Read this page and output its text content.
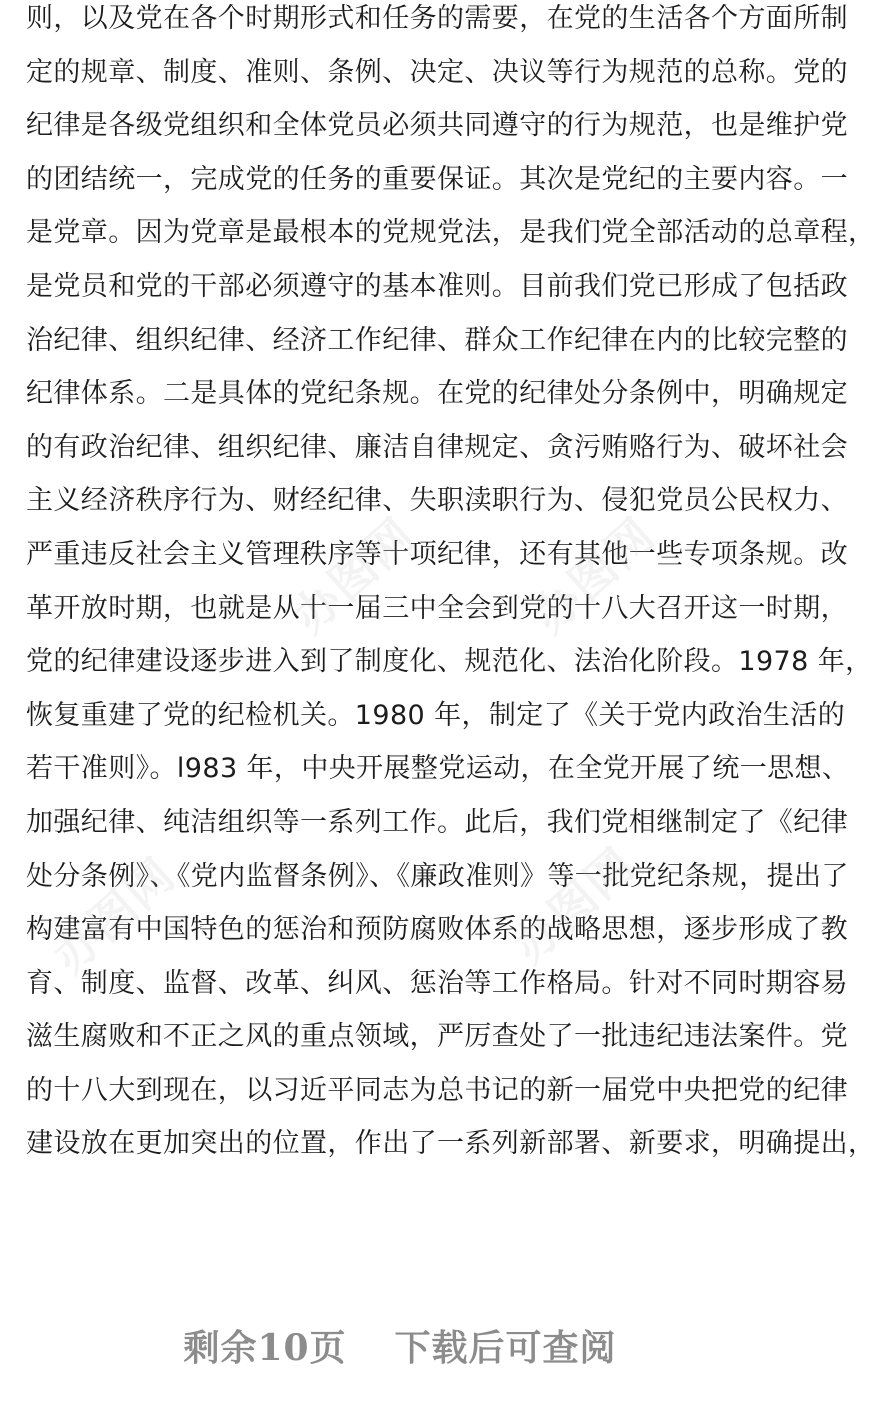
则，以及党在各个时期形式和任务的需要，在党的生活各个方面所制
定的规章、制度、准则、条例、决定、决议等行为规范的总称。党的
纪律是各级党组织和全体党员必须共同遵守的行为规范，也是维护党
的团结统一，完成党的任务的重要保证。其次是党纪的主要内容。一
是党章。因为党章是最根本的党规党法，是我们党全部活动的总章程，
是党员和党的干部必须遵守的基本准则。目前我们党已形成了包括政
治纪律、组织纪律、经济工作纪律、群众工作纪律在内的比较完整的
纪律体系。二是具体的党纪条规。在党的纪律处分条例中，明确规定
的有政治纪律、组织纪律、廉洁自律规定、贪污贿赂行为、破坏社会
主义经济秩序行为、财经纪律、失职渎职行为、侵犯党员公民权力、
严重违反社会主义管理秩序等十项纪律，还有其他一些专项条规。改
革开放时期，也就是从十一届三中全会到党的十八大召开这一时期，
党的纪律建设逐步进入到了制度化、规范化、法治化阶段。1978 年，
恢复重建了党的纪检机关。1980 年，制定了《关于党内政治生活的
若干准则》。l983 年，中央开展整党运动，在全党开展了统一思想、
加强纪律、纯洁组织等一系列工作。此后，我们党相继制定了《纪律
处分条例》、《党内监督条例》、《廉政准则》等一批党纪条规，提出了
构建富有中国特色的惩治和预防腐败体系的战略思想，逐步形成了教
育、制度、监督、改革、纠风、惩治等工作格局。针对不同时期容易
滋生腐败和不正之风的重点领域，严厉查处了一批违纪违法案件。党
的十八大到现在，以习近平同志为总书记的新一届党中央把党的纪律
建设放在更加突出的位置，作出了一系列新部署、新要求，明确提出，
办图网 办图网
办图网	办图网
剩余10页 下载后可查阅
